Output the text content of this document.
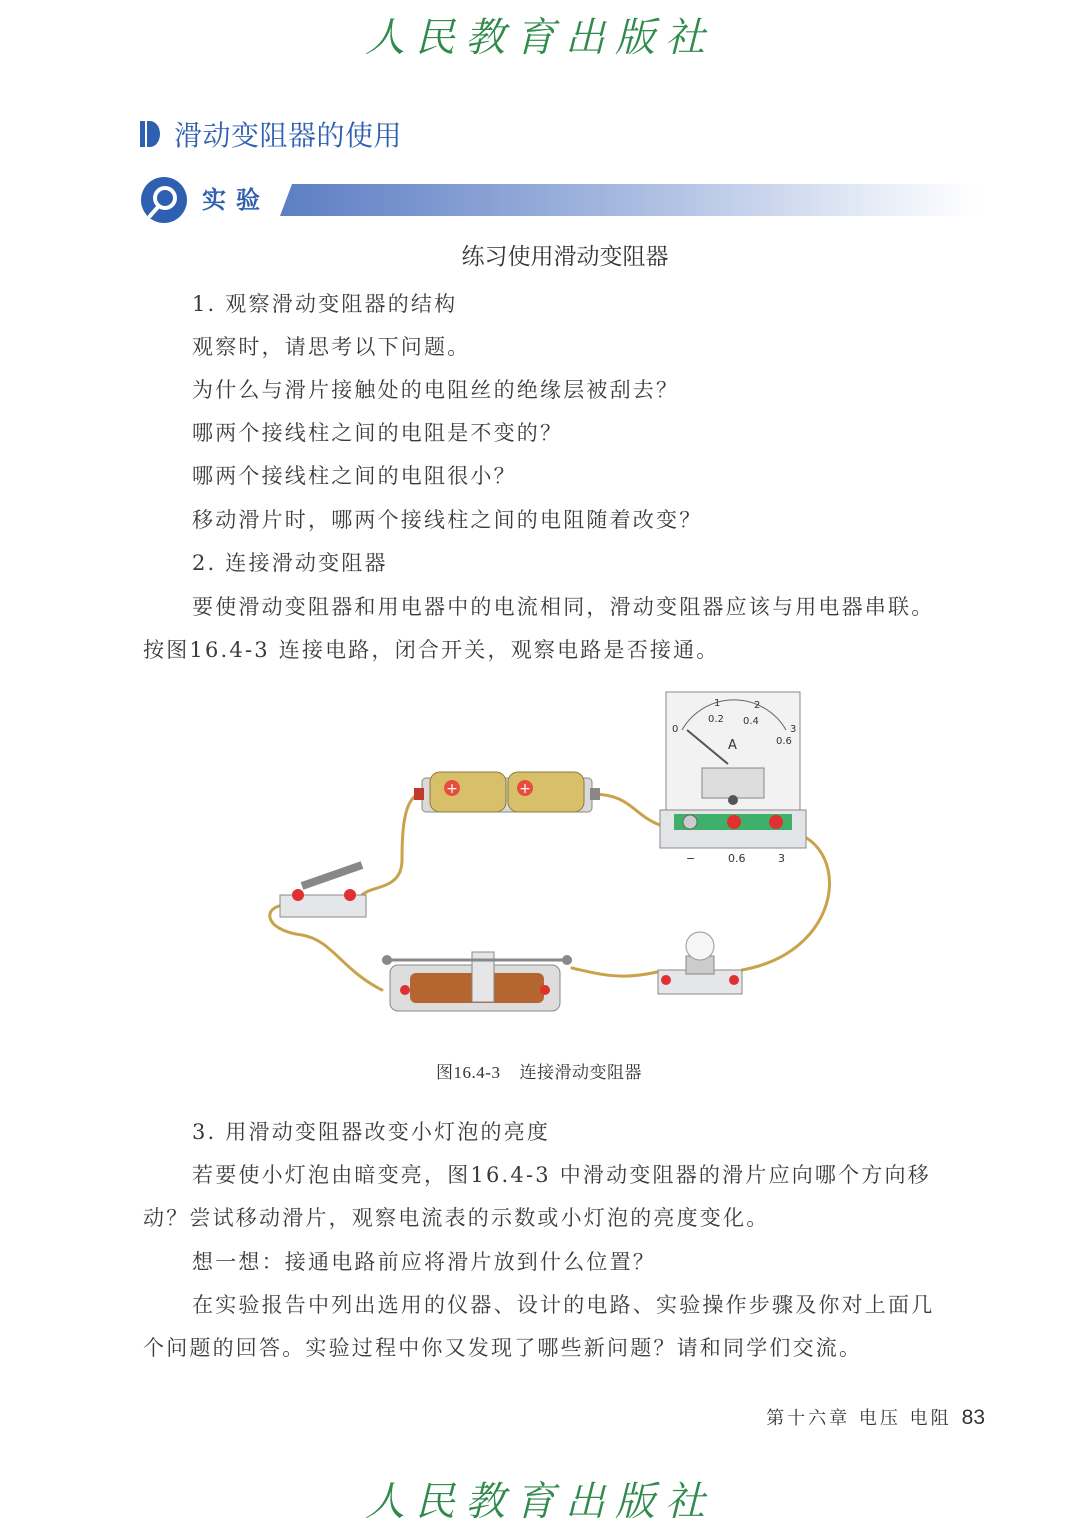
人民教育出版社
滑动变阻器的使用
实验
练习使用滑动变阻器
1. 观察滑动变阻器的结构
观察时，请思考以下问题。
为什么与滑片接触处的电阻丝的绝缘层被刮去？
哪两个接线柱之间的电阻是不变的？
哪两个接线柱之间的电阻很小？
移动滑片时，哪两个接线柱之间的电阻随着改变？
2. 连接滑动变阻器
要使滑动变阻器和用电器中的电流相同，滑动变阻器应该与用电器串联。
按图16.4-3 连接电路，闭合开关，观察电路是否接通。
+	+
1	2
3
0
0.2 0.4
0.6
A
−	0.6	3
图16.4-3    连接滑动变阻器
3. 用滑动变阻器改变小灯泡的亮度
若要使小灯泡由暗变亮，图16.4-3 中滑动变阻器的滑片应向哪个方向移
动？尝试移动滑片，观察电流表的示数或小灯泡的亮度变化。
想一想：接通电路前应将滑片放到什么位置？
在实验报告中列出选用的仪器、设计的电路、实验操作步骤及你对上面几
个问题的回答。实验过程中你又发现了哪些新问题？请和同学们交流。
第十六章 电压 电阻 83
人民教育出版社
